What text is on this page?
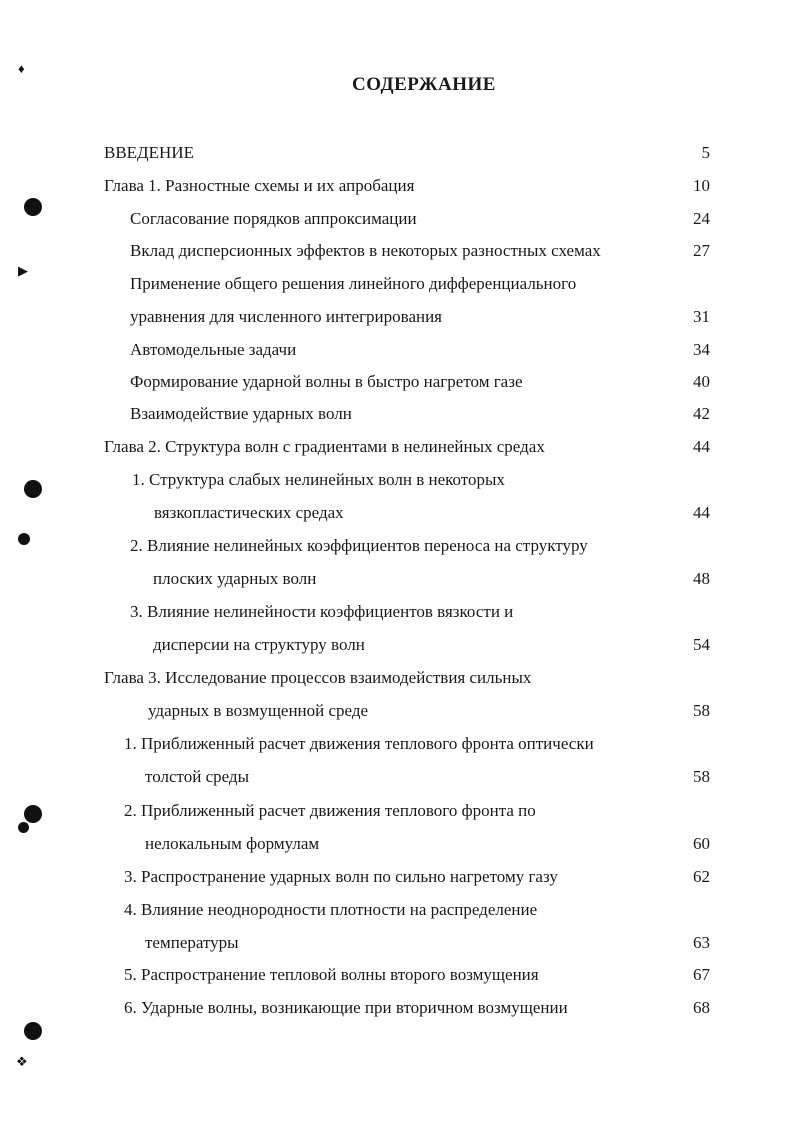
♦
▶
❖
СОДЕРЖАНИЕ
ВВЕДЕНИЕ	5
Глава 1. Разностные схемы и их апробация	10
Согласование порядков аппроксимации	24
Вклад дисперсионных эффектов в некоторых разностных схемах	27
Применение общего решения линейного дифференциального
уравнения для численного интегрирования	31
Автомодельные задачи	34
Формирование ударной волны в быстро нагретом газе	40
Взаимодействие ударных волн	42
Глава 2. Структура волн с градиентами в нелинейных средах	44
1. Структура слабых нелинейных волн в некоторых
вязкопластических средах	44
2. Влияние нелинейных коэффициентов переноса на структуру
плоских ударных волн	48
3. Влияние нелинейности коэффициентов вязкости и
дисперсии на структуру волн	54
Глава 3. Исследование процессов взаимодействия сильных
ударных в возмущенной среде	58
1. Приближенный расчет движения теплового фронта оптически
толстой среды	58
2. Приближенный расчет движения теплового фронта по
нелокальным формулам	60
3. Распространение ударных волн по сильно нагретому газу	62
4. Влияние неоднородности плотности на распределение
температуры	63
5. Распространение тепловой волны второго возмущения	67
6. Ударные волны, возникающие при вторичном возмущении	68
